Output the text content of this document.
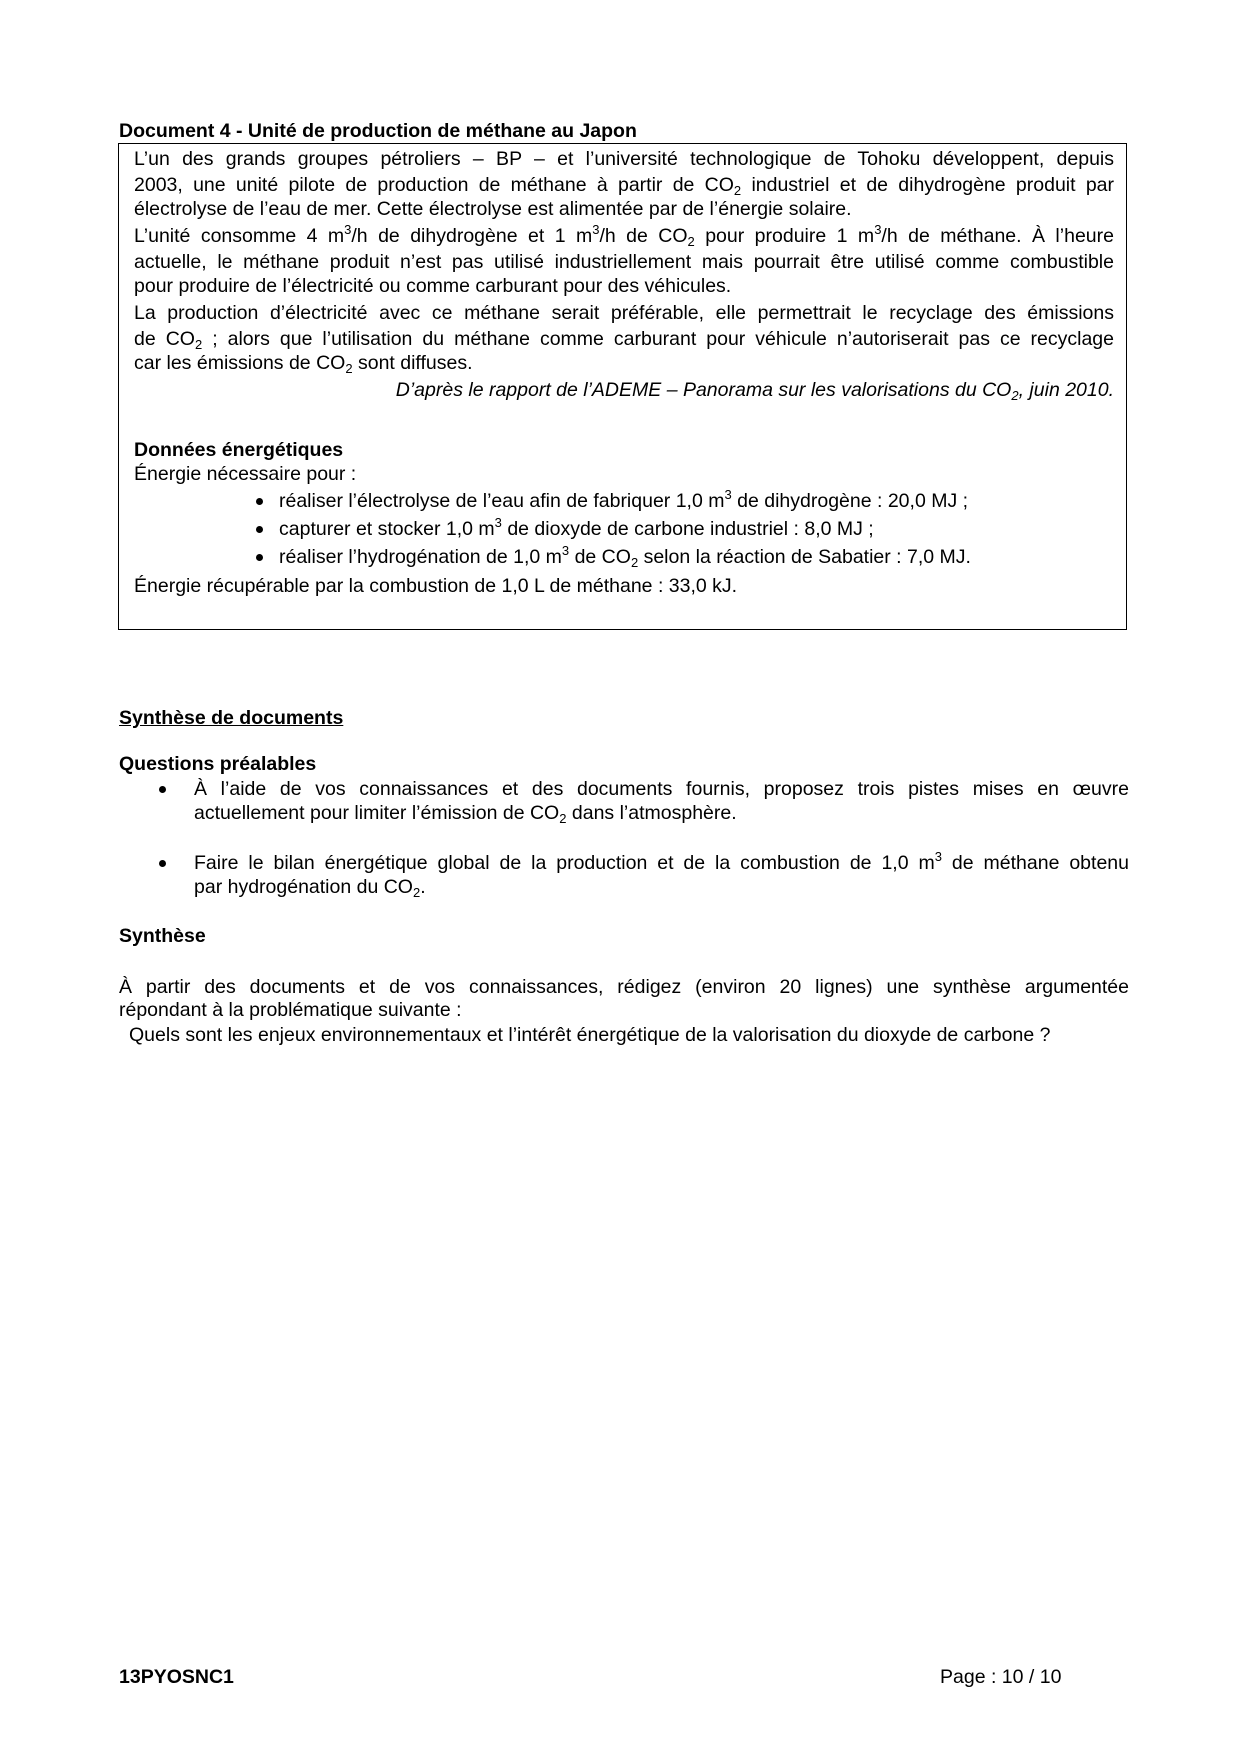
Document 4 - Unité de production de méthane au Japon
L’un des grands groupes pétroliers – BP – et l’université technologique de Tohoku développent, depuis
2003, une unité pilote de production de méthane à partir de $CO_2$ industriel et de dihydrogène produit par
électrolyse de l’eau de mer. Cette électrolyse est alimentée par de l’énergie solaire.
L’unité consomme 4 $m^3/h$ de dihydrogène et 1 $m^3/h$ de $CO_2$ pour produire 1 $m^3/h$ de méthane. À l’heure
actuelle, le méthane produit n’est pas utilisé industriellement mais pourrait être utilisé comme combustible
pour produire de l’électricité ou comme carburant pour des véhicules.
La production d’électricité avec ce méthane serait préférable, elle permettrait le recyclage des émissions
de $CO_2$ ; alors que l’utilisation du méthane comme carburant pour véhicule n’autoriserait pas ce recyclage
car les émissions de $CO_2$ sont diffuses.
D’après le rapport de l’ADEME – Panorama sur les valorisations du $CO_2$, juin 2010.
Données énergétiques
Énergie nécessaire pour :
réaliser l’électrolyse de l’eau afin de fabriquer 1,0 $m^3$ de dihydrogène : 20,0 MJ ;
capturer et stocker 1,0 $m^3$ de dioxyde de carbone industriel : 8,0 MJ ;
réaliser l’hydrogénation de 1,0 $m^3$ de $CO_2$ selon la réaction de Sabatier : 7,0 MJ.
Énergie récupérable par la combustion de 1,0 L de méthane : 33,0 kJ.
Synthèse de documents
Questions préalables
À l’aide de vos connaissances et des documents fournis, proposez trois pistes mises en œuvre
actuellement pour limiter l’émission de $CO_2$ dans l’atmosphère.
Faire le bilan énergétique global de la production et de la combustion de 1,0 $m^3$ de méthane obtenu
par hydrogénation du $CO_2$.
Synthèse
À partir des documents et de vos connaissances, rédigez (environ 20 lignes) une synthèse argumentée
répondant à la problématique suivante :
Quels sont les enjeux environnementaux et l’intérêt énergétique de la valorisation du dioxyde de carbone ?
13PYOSNC1	Page : 10 / 10
